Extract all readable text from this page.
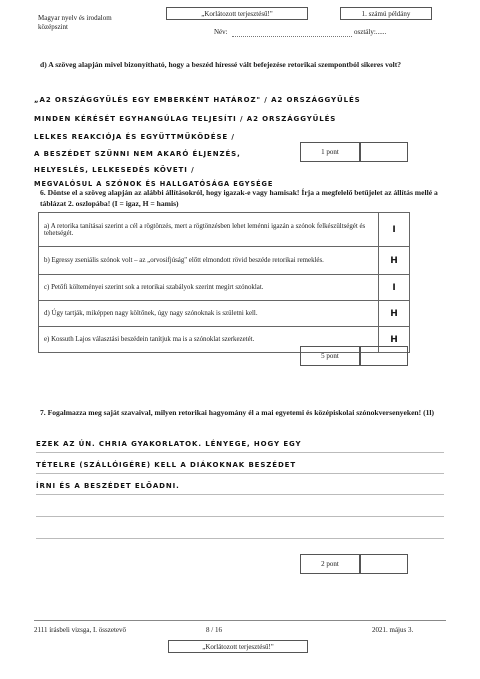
Magyar nyelv és irodalom
középszint
„Korlátozott terjesztésű!"	1. számú példány
Név:	osztály:......
d) A szöveg alapján mivel bizonyítható, hogy a beszéd híressé vált befejezése retorikai szempontból sikeres volt?
„A2 ORSZÁGGYŰLÉS EGY EMBERKÉNT HATÁROZ" / A2 ORSZÁGGYŰLÉS
MINDEN KÉRÉSÉT EGYHANGÚLAG TELJESÍTI / A2 ORSZÁGGYŰLÉS
LELKES REAKCIÓJA ÉS EGYÜTTMŰKÖDÉSE /
A BESZÉDET SZŰNNI NEM AKARÓ ÉLJENZÉS,
HELYESLÉS, LELKESEDÉS KÖVETI /
MEGVALÓSUL A SZÓNOK ÉS HALLGATÓSÁGA EGYSÉGE
1 pont
6. Döntse el a szöveg alapján az alábbi állításokról, hogy igazak-e vagy hamisak! Írja a megfelelő betűjelet az állítás mellé a táblázat 2. oszlopába! (I = igaz, H = hamis)
a) A retorika tanításai szerint a cél a rögtönzés, mert a rögtönzésben lehet leménni igazán a szónok felkészültségét és tehetségét.	I
b) Egressy zseniális szónok volt – az „orvosifjúság" előtt elmondott rövid beszéde retorikai remeklés.	H
c) Petőfi költeményei szerint sok a retorikai szabályok szerint megírt szónoklat.	I
d) Úgy tartják, miképpen nagy költőnek, úgy nagy szónoknak is születni kell.	H
e) Kossuth Lajos választási beszédein tanítjuk ma is a szónoklat szerkezetét.	H
5 pont
7. Fogalmazza meg saját szavaival, milyen retorikai hagyomány él a mai egyetemi és középiskolai szónokversenyeken! (1l)
EZEK AZ ÚN. CHRIA GYAKORLATOK. LÉNYEGE, HOGY EGY
TÉTELRE (SZÁLLÓIGÉRE) KELL A DIÁKOKNAK BESZÉDET
ÍRNI ÉS A BESZÉDET ELŐADNI.
2 pont
2111 írásbeli vizsga, I. összetevő	8 / 16	2021. május 3.
„Korlátozott terjesztésű!"
